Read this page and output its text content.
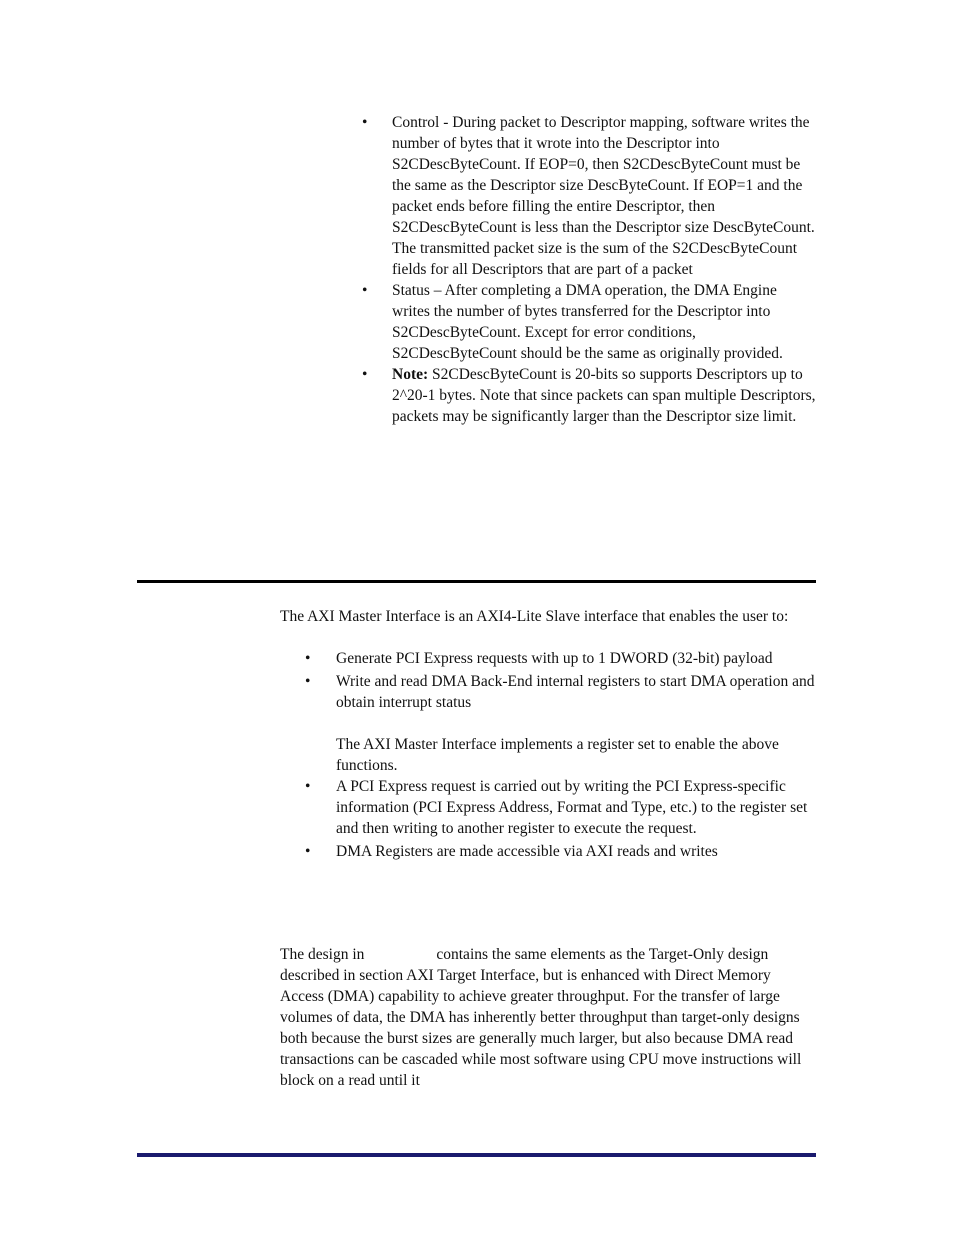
•	Control - During packet to Descriptor mapping, software writes the number of bytes that it wrote into the Descriptor into S2CDescByteCount. If EOP=0, then S2CDescByteCount must be the same as the Descriptor size DescByteCount. If EOP=1 and the packet ends before filling the entire Descriptor, then S2CDescByteCount is less than the Descriptor size DescByteCount. The transmitted packet size is the sum of the S2CDescByteCount fields for all Descriptors that are part of a packet
•	Status – After completing a DMA operation, the DMA Engine writes the number of bytes transferred for the Descriptor into S2CDescByteCount. Except for error conditions, S2CDescByteCount should be the same as originally provided.
•	Note: S2CDescByteCount is 20-bits so supports Descriptors up to 2^20-1 bytes. Note that since packets can span multiple Descriptors, packets may be significantly larger than the Descriptor size limit.

The AXI Master Interface is an AXI4-Lite Slave interface that enables the user to:

•	Generate PCI Express requests with up to 1 DWORD (32-bit) payload
•	Write and read DMA Back-End internal registers to start DMA operation and obtain interrupt status
The AXI Master Interface implements a register set to enable the above functions.
•	A PCI Express request is carried out by writing the PCI Express-specific information (PCI Express Address, Format and Type, etc.) to the register set and then writing to another register to execute the request.
•	DMA Registers are made accessible via AXI reads and writes

The design in	contains the same elements as the Target-Only design described in section AXI Target Interface, but is enhanced with Direct Memory Access (DMA) capability to achieve greater throughput. For the transfer of large volumes of data, the DMA has inherently better throughput than target-only designs both because the burst sizes are generally much larger, but also because DMA read transactions can be cascaded while most software using CPU move instructions will block on a read until it
